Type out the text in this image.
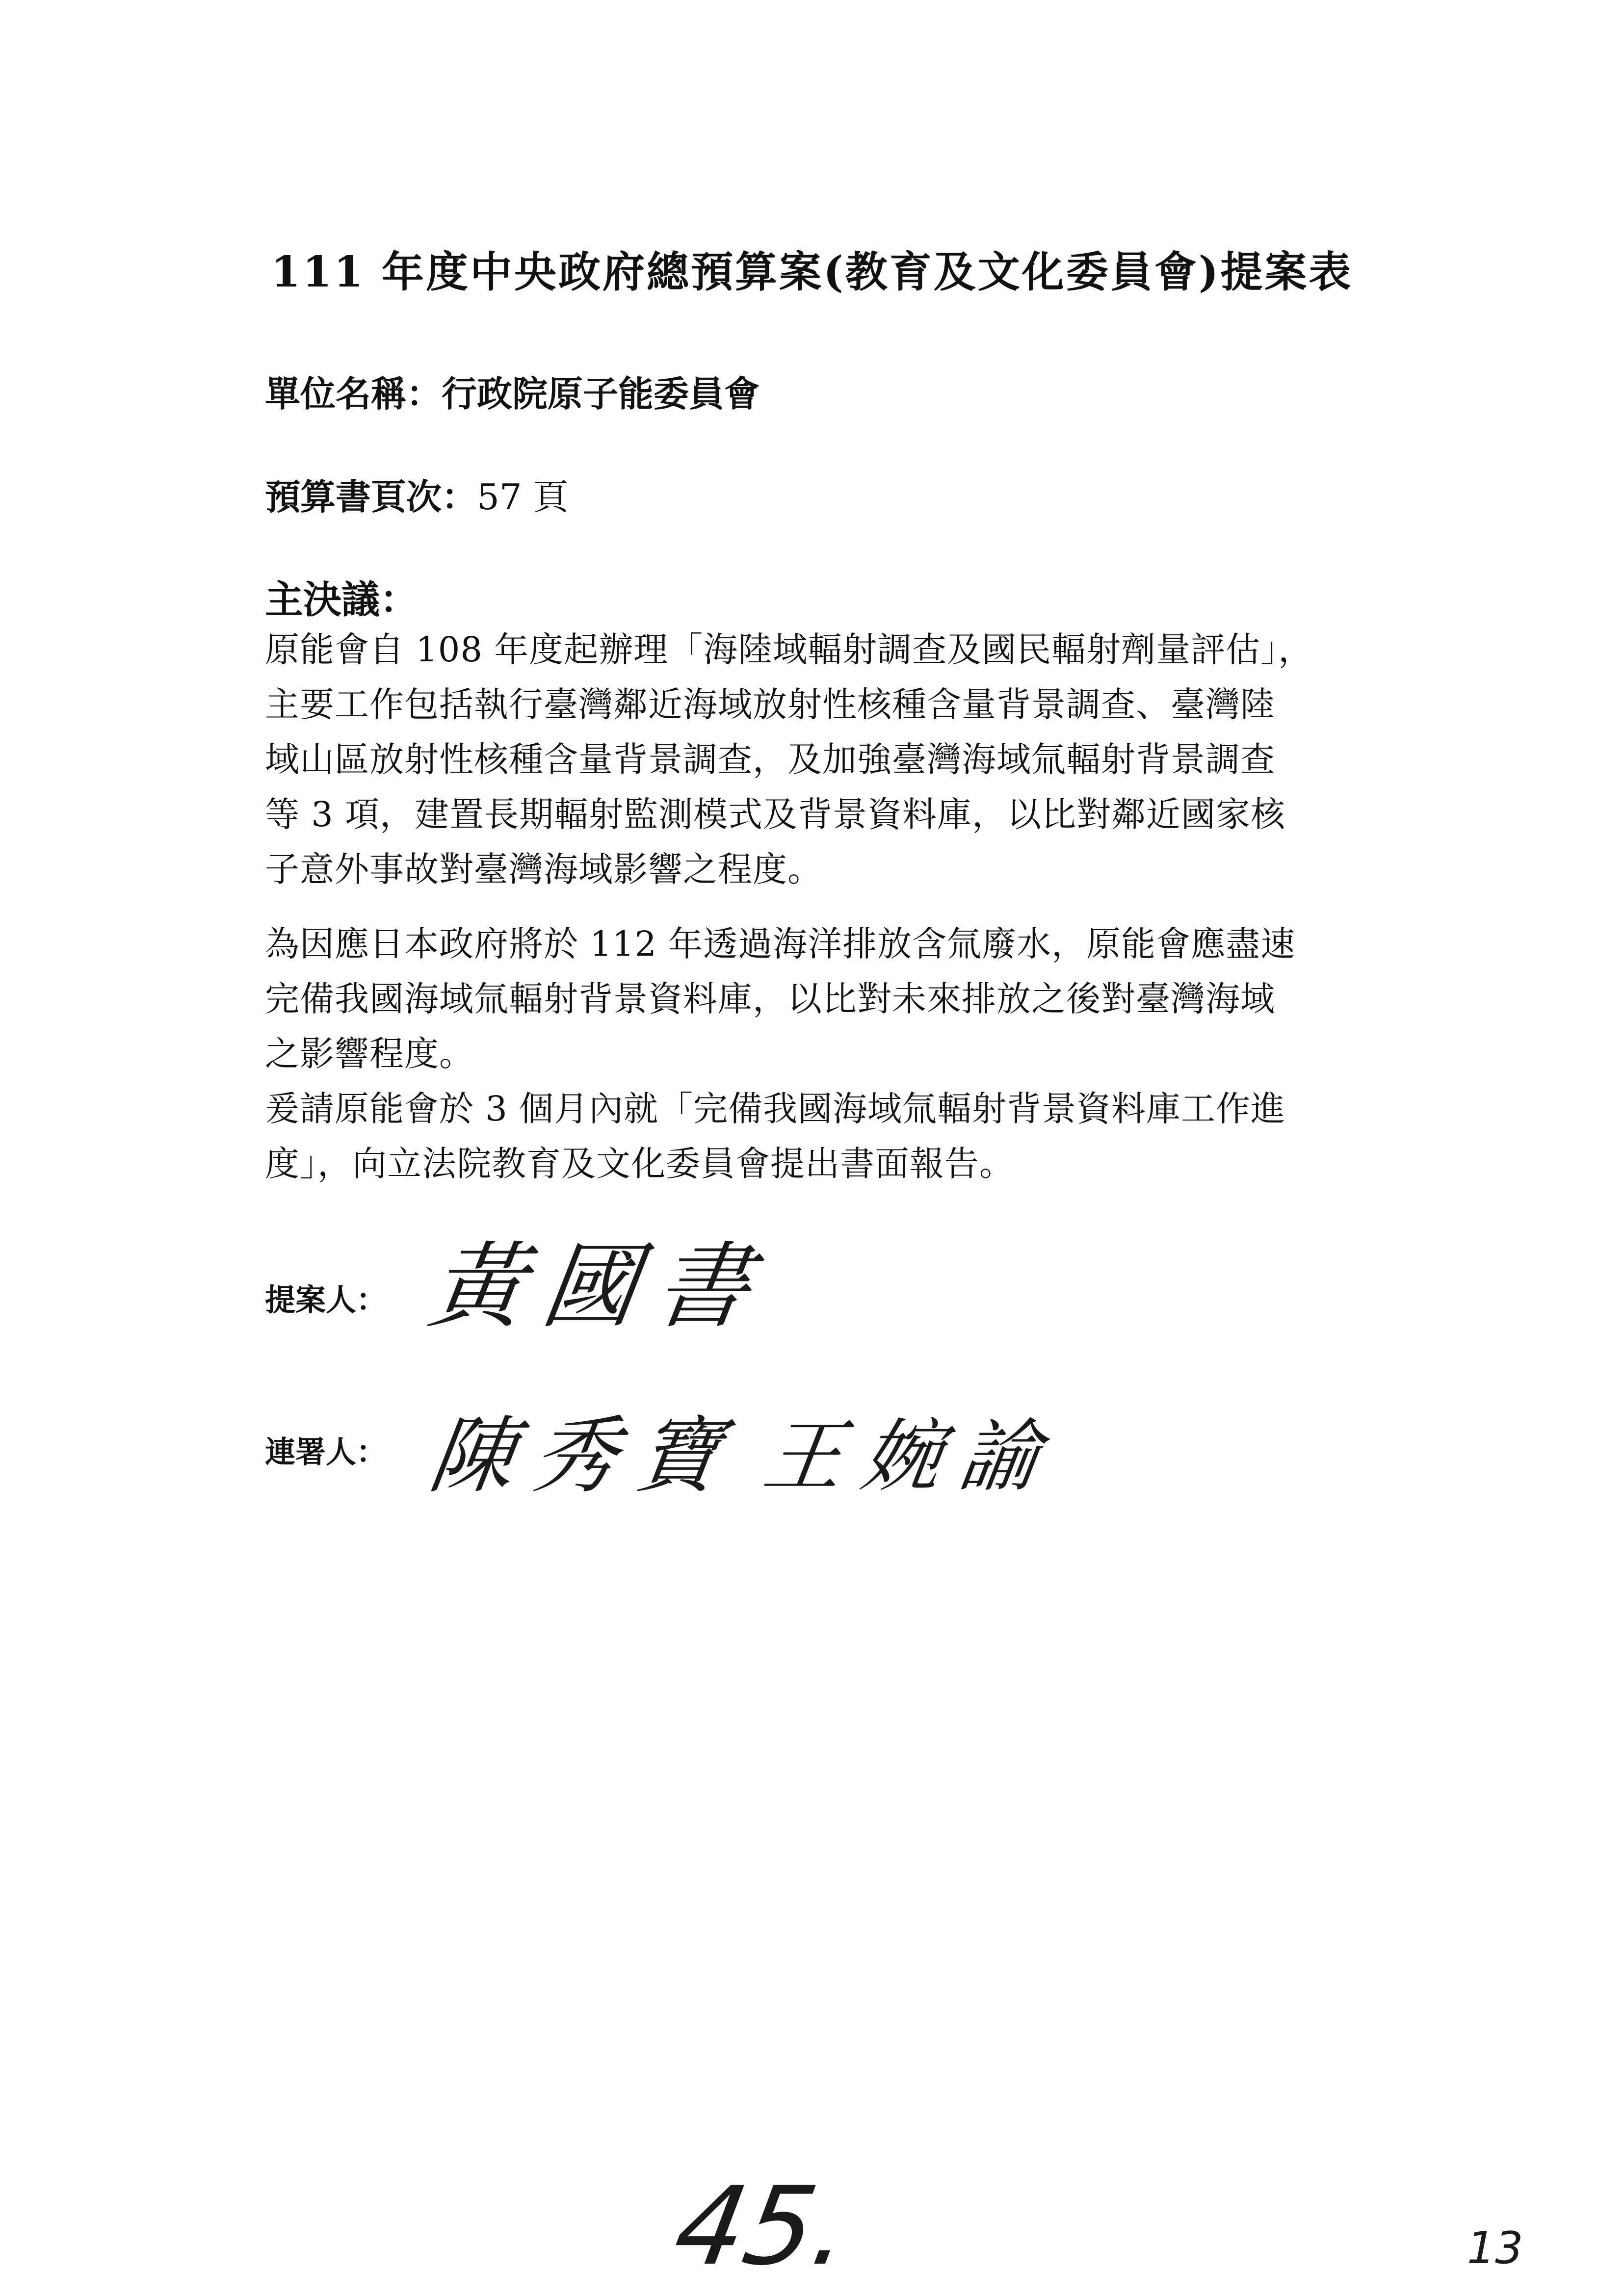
111 年度中央政府總預算案(教育及文化委員會)提案表
單位名稱：行政院原子能委員會
預算書頁次：57 頁
主決議：
原能會自 108 年度起辦理「海陸域輻射調查及國民輻射劑量評估」，
主要工作包括執行臺灣鄰近海域放射性核種含量背景調查、臺灣陸
域山區放射性核種含量背景調查，及加強臺灣海域氚輻射背景調查
等 3 項，建置長期輻射監測模式及背景資料庫，以比對鄰近國家核
子意外事故對臺灣海域影響之程度。
為因應日本政府將於 112 年透過海洋排放含氚廢水，原能會應盡速
完備我國海域氚輻射背景資料庫，以比對未來排放之後對臺灣海域
之影響程度。
爰請原能會於 3 個月內就「完備我國海域氚輻射背景資料庫工作進
度」，向立法院教育及文化委員會提出書面報告。
提案人： 黃國書
連署人： 陳秀寶 王婉諭
45.	13
